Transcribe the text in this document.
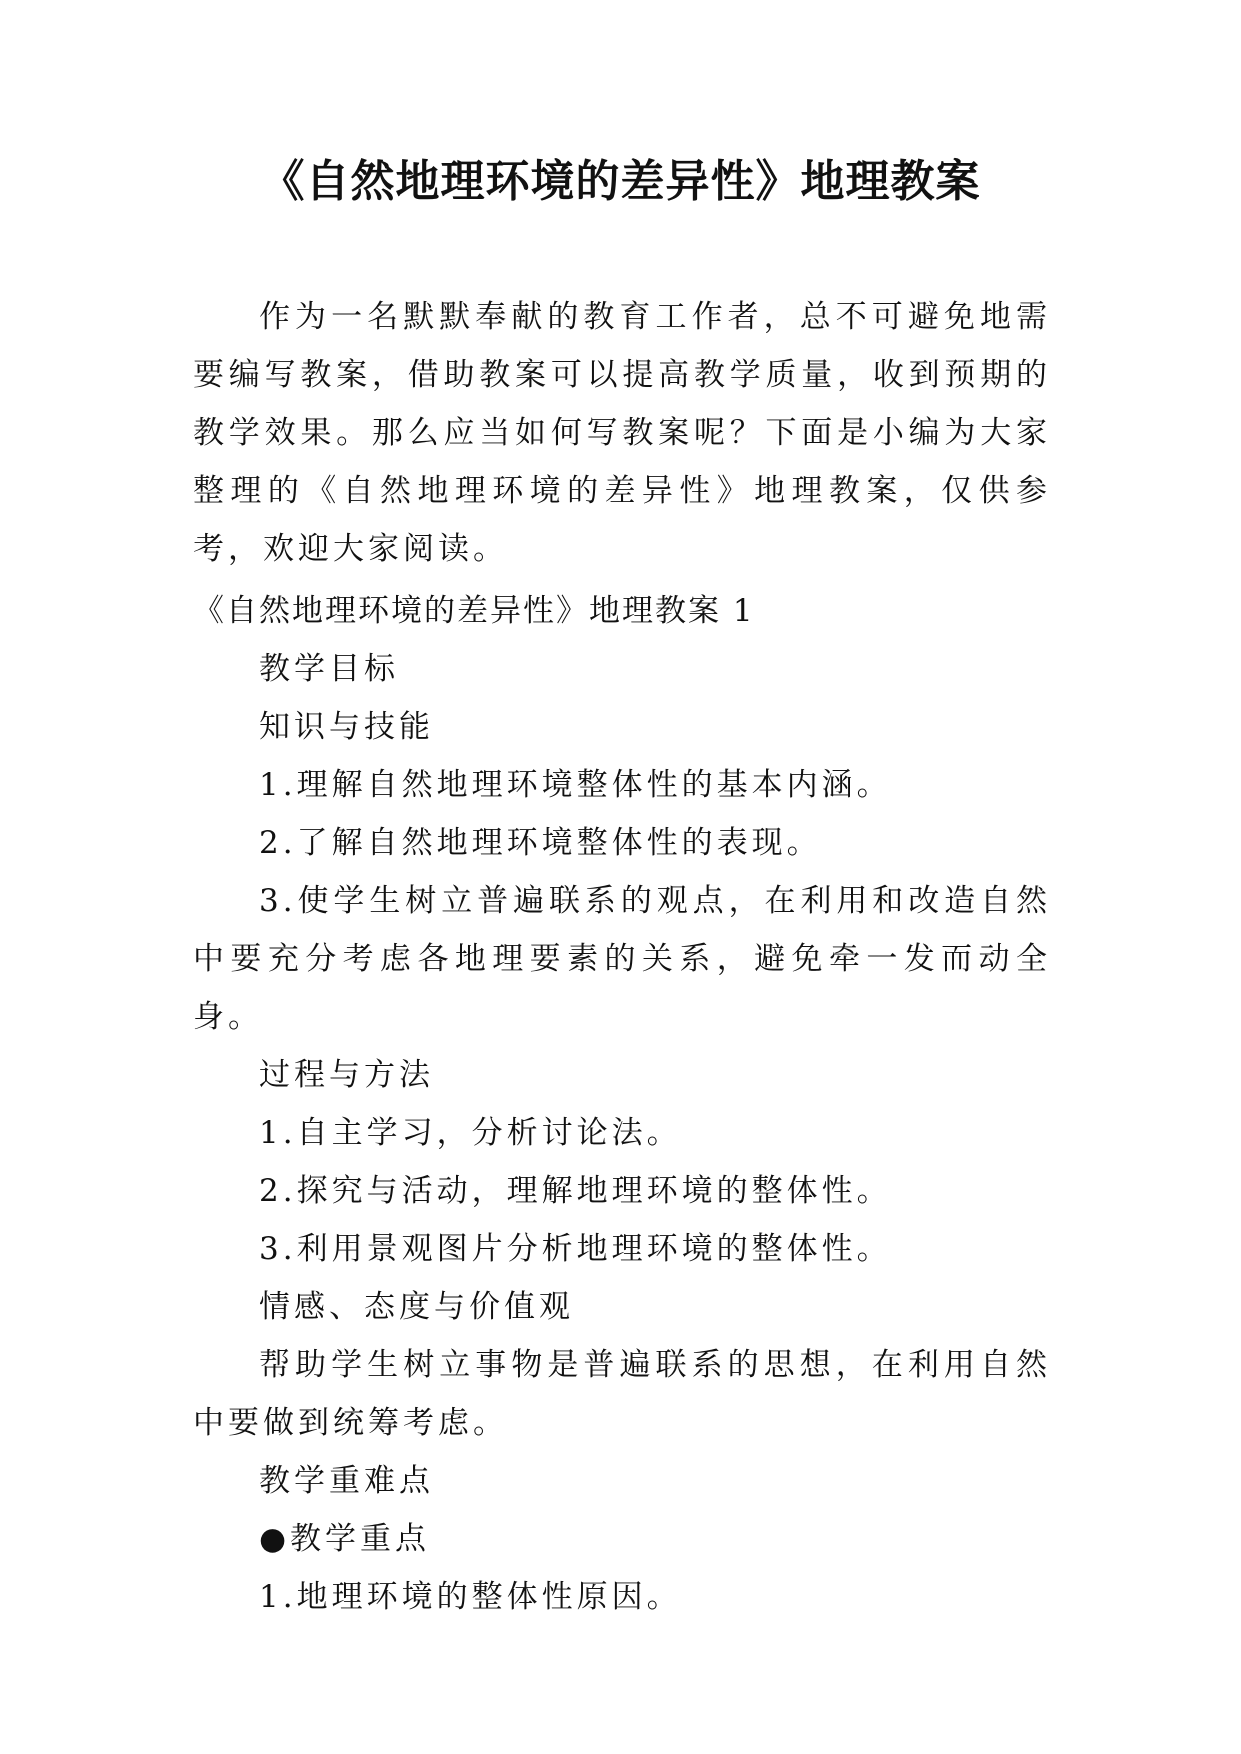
《自然地理环境的差异性》地理教案

作为一名默默奉献的教育工作者，总不可避免地需要编写教案，借助教案可以提高教学质量，收到预期的教学效果。那么应当如何写教案呢？下面是小编为大家整理的《自然地理环境的差异性》地理教案，仅供参考，欢迎大家阅读。

《自然地理环境的差异性》地理教案 1

教学目标

知识与技能

1.理解自然地理环境整体性的基本内涵。

2.了解自然地理环境整体性的表现。

3.使学生树立普遍联系的观点，在利用和改造自然中要充分考虑各地理要素的关系，避免牵一发而动全身。

过程与方法

1.自主学习，分析讨论法。

2.探究与活动，理解地理环境的整体性。

3.利用景观图片分析地理环境的整体性。

情感、态度与价值观

帮助学生树立事物是普遍联系的思想，在利用自然中要做到统筹考虑。

教学重难点

●教学重点

1.地理环境的整体性原因。
